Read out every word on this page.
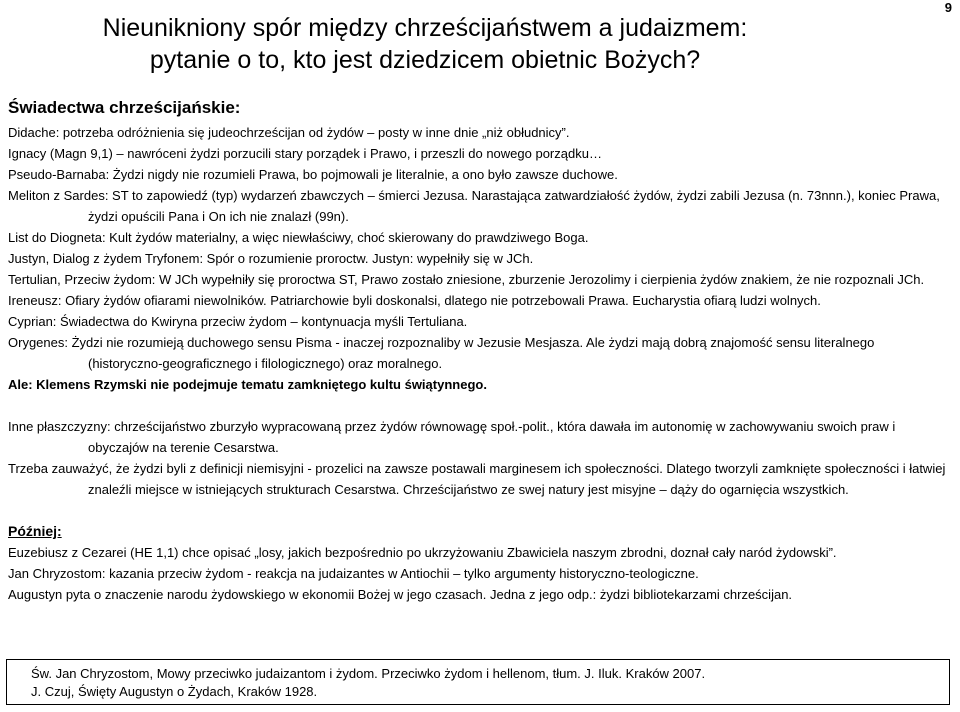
9
Nieunikniony spór między chrześcijaństwem a judaizmem:
pytanie o to, kto jest dziedzicem obietnic Bożych?
Świadectwa chrześcijańskie:

Didache: potrzeba odróżnienia się judeochrześcijan od żydów – posty w inne dnie „niż obłudnicy”.

Ignacy (Magn 9,1) – nawróceni żydzi porzucili stary porządek i Prawo, i przeszli do nowego porządku…

Pseudo-Barnaba: Żydzi nigdy nie rozumieli Prawa, bo pojmowali je literalnie, a ono było zawsze duchowe.

Meliton z Sardes: ST to zapowiedź (typ) wydarzeń zbawczych – śmierci Jezusa. Narastająca zatwardziałość żydów, żydzi zabili Jezusa (n. 73nnn.), koniec Prawa, żydzi opuścili Pana i On ich nie znalazł (99n).

List do Diogneta: Kult żydów materialny, a więc niewłaściwy, choć skierowany do prawdziwego Boga.

Justyn, Dialog z żydem Tryfonem: Spór o rozumienie proroctw. Justyn: wypełniły się w JCh.

Tertulian, Przeciw żydom: W JCh wypełniły się proroctwa ST, Prawo zostało zniesione, zburzenie Jerozolimy i cierpienia żydów znakiem, że nie rozpoznali JCh.

Ireneusz: Ofiary żydów ofiarami niewolników. Patriarchowie byli doskonalsi, dlatego nie potrzebowali Prawa. Eucharystia ofiarą ludzi wolnych.

Cyprian: Świadectwa do Kwiryna przeciw żydom – kontynuacja myśli Tertuliana.

Orygenes: Żydzi nie rozumieją duchowego sensu Pisma - inaczej rozpoznaliby w Jezusie Mesjasza. Ale żydzi mają dobrą znajomość sensu literalnego (historyczno-geograficznego i filologicznego) oraz moralnego.

Ale: Klemens Rzymski nie podejmuje tematu zamkniętego kultu świątynnego.

Inne płaszczyzny: chrześcijaństwo zburzyło wypracowaną przez żydów równowagę społ.-polit., która dawała im autonomię w zachowywaniu swoich praw i obyczajów na terenie Cesarstwa.

Trzeba zauważyć, że żydzi byli z definicji niemisyjni - prozelici na zawsze postawali marginesem ich społeczności. Dlatego tworzyli zamknięte społeczności i łatwiej znaleźli miejsce w istniejących strukturach Cesarstwa. Chrześcijaństwo ze swej natury jest misyjne – dąży do ogarnięcia wszystkich.

Później:

Euzebiusz z Cezarei (HE 1,1) chce opisać „losy, jakich bezpośrednio po ukrzyżowaniu Zbawiciela naszym zbrodni, doznał cały naród żydowski”.

Jan Chryzostom: kazania przeciw żydom - reakcja na judaizantes w Antiochii – tylko argumenty historyczno-teologiczne.

Augustyn pyta o znaczenie narodu żydowskiego w ekonomii Bożej w jego czasach. Jedna z jego odp.: żydzi bibliotekarzami chrześcijan.

Św. Jan Chryzostom, Mowy przeciwko judaizantom i żydom. Przeciwko żydom i hellenom, tłum. J. Iluk. Kraków 2007.
J. Czuj, Święty Augustyn o Żydach, Kraków 1928.
